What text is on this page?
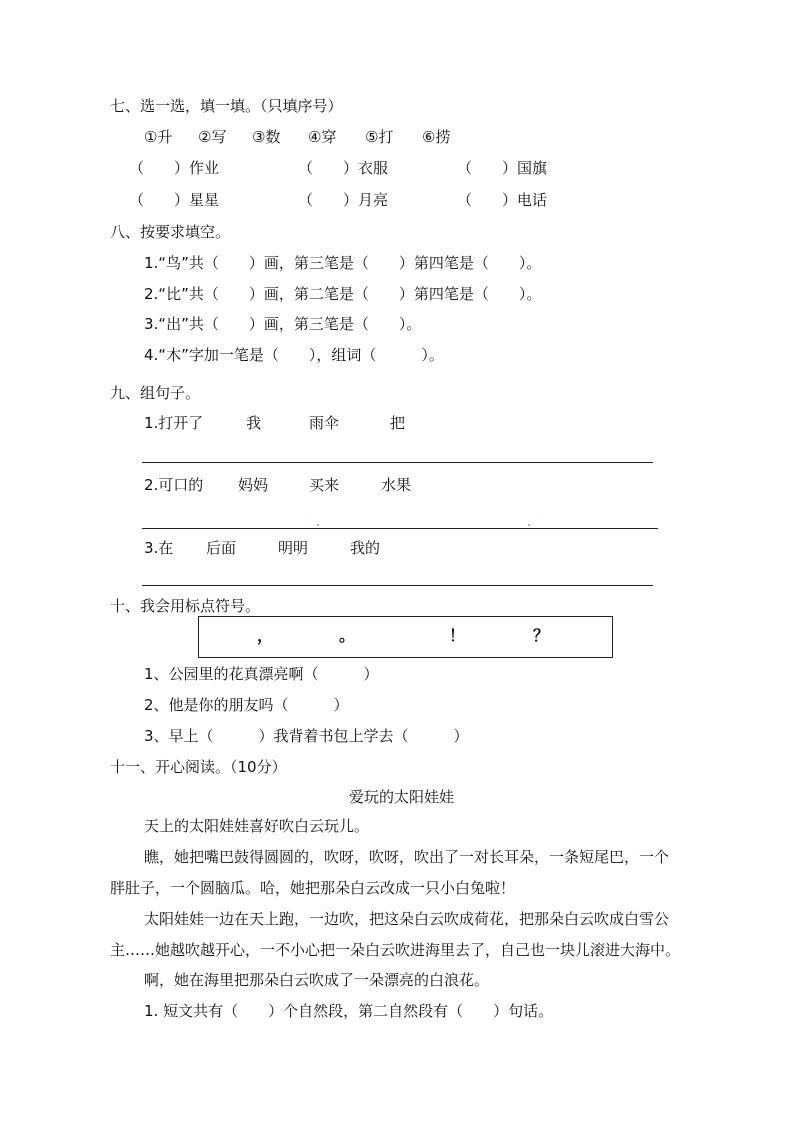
七、选一选，填一填。（只填序号）
①升 ②写 ③数 ④穿 ⑤打 ⑥捞
（　　）作业	（　　）衣服	（　　）国旗
（　　）星星	（　　）月亮	（　　）电话
八、按要求填空。
1.“鸟”共（　　）画，第三笔是（　　）第四笔是（　　）。
2.“比”共（　　）画，第二笔是（　　）第四笔是（　　）。
3.“出”共（　　）画，第三笔是（　　）。
4.“木”字加一笔是（　　），组词（　　　）。
九、组句子。
1.打开了	我	雨伞	把
2.可口的 妈妈	买来	水果
3.在 后面	明明	我的
十、我会用标点符号。
，	。	！	？
1、公园里的花真漂亮啊（　　　）
2、他是你的朋友吗（　　　）
3、早上（　　　）我背着书包上学去（　　　）
十一、开心阅读。（10分）
爱玩的太阳娃娃
天上的太阳娃娃喜好吹白云玩儿。
瞧，她把嘴巴鼓得圆圆的，吹呀，吹呀，吹出了一对长耳朵，一条短尾巴，一个
胖肚子，一个圆脑瓜。哈，她把那朵白云改成一只小白兔啦！
太阳娃娃一边在天上跑，一边吹，把这朵白云吹成荷花，把那朵白云吹成白雪公
主……她越吹越开心，一不小心把一朵白云吹进海里去了，自己也一块儿滚进大海中。
啊，她在海里把那朵白云吹成了一朵漂亮的白浪花。
1. 短文共有（　　）个自然段，第二自然段有（　　）句话。
